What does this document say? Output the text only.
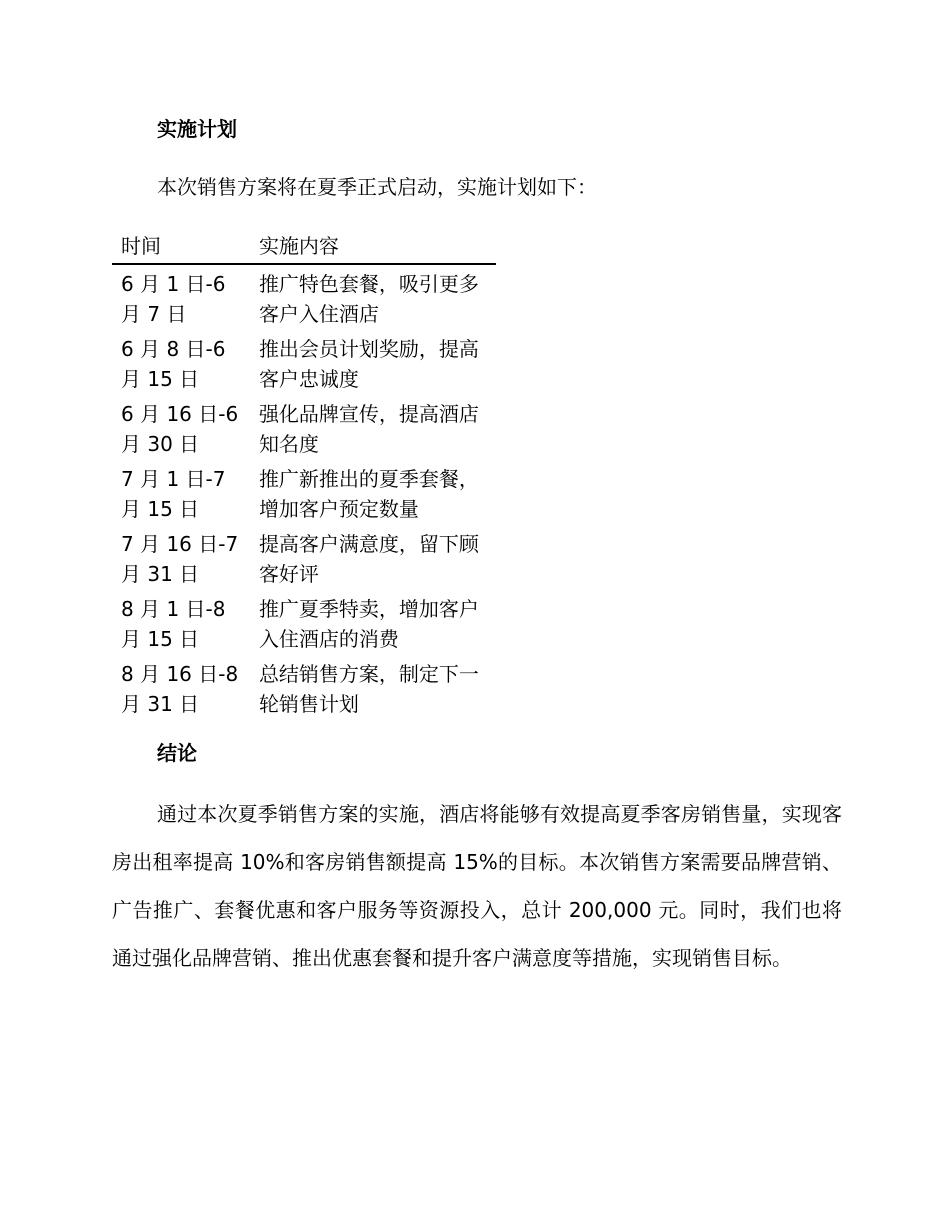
实施计划

本次销售方案将在夏季正式启动，实施计划如下：

时间	实施内容
6 月 1 日-6 月 7 日	推广特色套餐，吸引更多客户入住酒店
6 月 8 日-6 月 15 日	推出会员计划奖励，提高客户忠诚度
6 月 16 日-6 月 30 日	强化品牌宣传，提高酒店知名度
7 月 1 日-7 月 15 日	推广新推出的夏季套餐，增加客户预定数量
7 月 16 日-7 月 31 日	提高客户满意度，留下顾客好评
8 月 1 日-8 月 15 日	推广夏季特卖，增加客户入住酒店的消费
8 月 16 日-8 月 31 日	总结销售方案，制定下一轮销售计划
结论

通过本次夏季销售方案的实施，酒店将能够有效提高夏季客房销售量，实现客房出租率提高 10%和客房销售额提高 15%的目标。本次销售方案需要品牌营销、广告推广、套餐优惠和客户服务等资源投入，总计 200,000 元。同时，我们也将通过强化品牌营销、推出优惠套餐和提升客户满意度等措施，实现销售目标。
